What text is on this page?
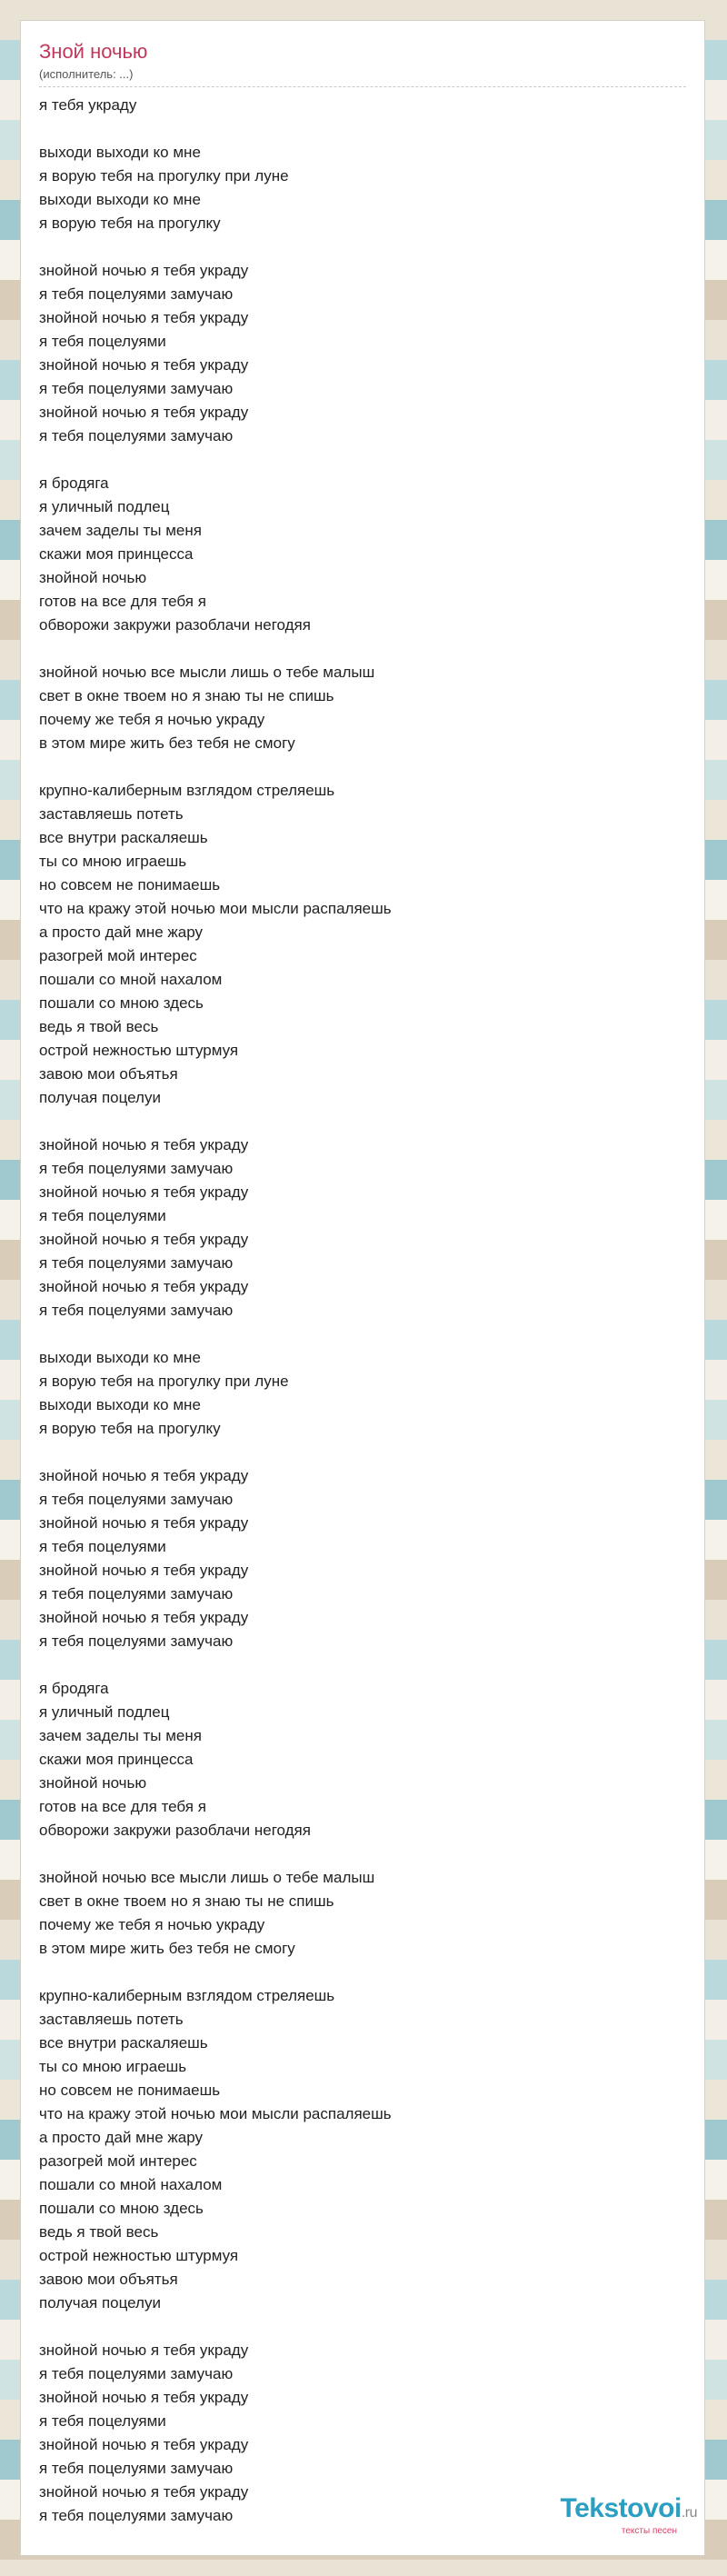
Зной ночью
(исполнитель: ...)
я тебя украду
выходи выходи ко мне
я ворую тебя на прогулку при луне
выходи выходи ко мне
я ворую тебя на прогулку
знойной ночью я тебя украду
я тебя поцелуями замучаю
знойной ночью я тебя украду
я тебя поцелуями
знойной ночью я тебя украду
я тебя поцелуями замучаю
знойной ночью я тебя украду
я тебя поцелуями замучаю
я бродяга
я уличный подлец
зачем заделы ты меня
скажи моя принцесса
знойной ночью
готов на все для тебя я
обворожи закружи разоблачи негодяя
знойной ночью все мысли лишь о тебе малыш
свет в окне твоем но я знаю ты не спишь
почему же тебя я ночью украду
в этом мире жить без тебя не смогу
крупно-калиберным взглядом стреляешь
заставляешь потеть
все внутри раскаляешь
ты со мною играешь
но совсем не понимаешь
что на кражу этой ночью мои мысли распаляешь
а просто дай мне жару
разогрей мой интерес
пошали со мной нахалом
пошали со мною здесь
ведь я твой весь
острой нежностью штурмуя
завою мои объятья
получая поцелуи
знойной ночью я тебя украду
я тебя поцелуями замучаю
знойной ночью я тебя украду
я тебя поцелуями
знойной ночью я тебя украду
я тебя поцелуями замучаю
знойной ночью я тебя украду
я тебя поцелуями замучаю
выходи выходи ко мне
я ворую тебя на прогулку при луне
выходи выходи ко мне
я ворую тебя на прогулку
знойной ночью я тебя украду
я тебя поцелуями замучаю
знойной ночью я тебя украду
я тебя поцелуями
знойной ночью я тебя украду
я тебя поцелуями замучаю
знойной ночью я тебя украду
я тебя поцелуями замучаю
я бродяга
я уличный подлец
зачем заделы ты меня
скажи моя принцесса
знойной ночью
готов на все для тебя я
обворожи закружи разоблачи негодяя
знойной ночью все мысли лишь о тебе малыш
свет в окне твоем но я знаю ты не спишь
почему же тебя я ночью украду
в этом мире жить без тебя не смогу
крупно-калиберным взглядом стреляешь
заставляешь потеть
все внутри раскаляешь
ты со мною играешь
но совсем не понимаешь
что на кражу этой ночью мои мысли распаляешь
а просто дай мне жару
разогрей мой интерес
пошали со мной нахалом
пошали со мною здесь
ведь я твой весь
острой нежностью штурмуя
завою мои объятья
получая поцелуи
знойной ночью я тебя украду
я тебя поцелуями замучаю
знойной ночью я тебя украду
я тебя поцелуями
знойной ночью я тебя украду
я тебя поцелуями замучаю
знойной ночью я тебя украду
я тебя поцелуями замучаю	Tekstovoi.ru
тексты песен
